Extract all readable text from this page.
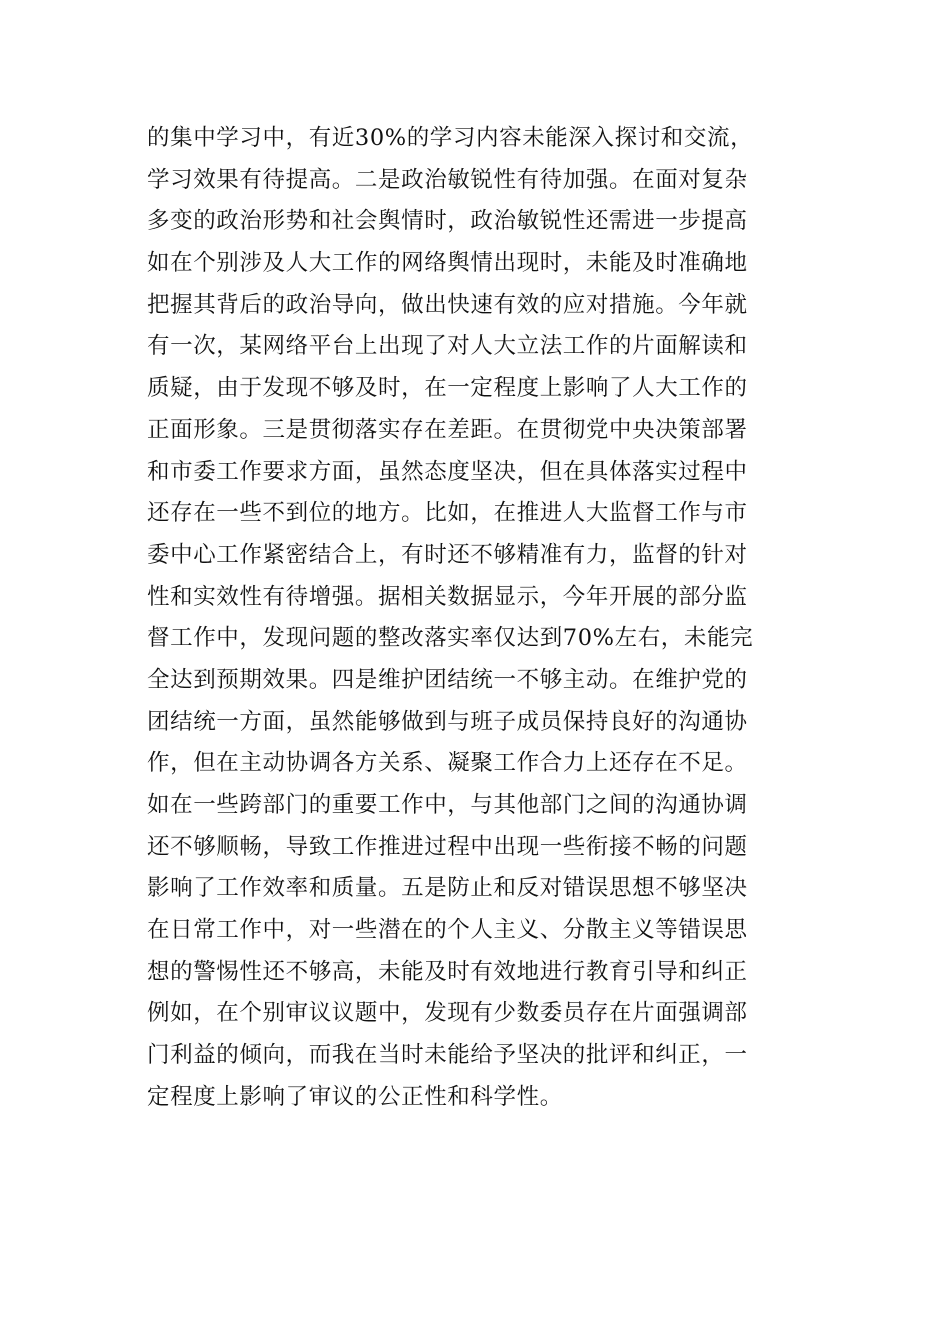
的集中学习中，有近30%的学习内容未能深入探讨和交流，
学习效果有待提高。二是政治敏锐性有待加强。在面对复杂
多变的政治形势和社会舆情时，政治敏锐性还需进一步提高
如在个别涉及人大工作的网络舆情出现时，未能及时准确地
把握其背后的政治导向，做出快速有效的应对措施。今年就
有一次，某网络平台上出现了对人大立法工作的片面解读和
质疑，由于发现不够及时，在一定程度上影响了人大工作的
正面形象。三是贯彻落实存在差距。在贯彻党中央决策部署
和市委工作要求方面，虽然态度坚决，但在具体落实过程中
还存在一些不到位的地方。比如，在推进人大监督工作与市
委中心工作紧密结合上，有时还不够精准有力，监督的针对
性和实效性有待增强。据相关数据显示，今年开展的部分监
督工作中，发现问题的整改落实率仅达到70%左右，未能完
全达到预期效果。四是维护团结统一不够主动。在维护党的
团结统一方面，虽然能够做到与班子成员保持良好的沟通协
作，但在主动协调各方关系、凝聚工作合力上还存在不足。
如在一些跨部门的重要工作中，与其他部门之间的沟通协调
还不够顺畅，导致工作推进过程中出现一些衔接不畅的问题
影响了工作效率和质量。五是防止和反对错误思想不够坚决
在日常工作中，对一些潜在的个人主义、分散主义等错误思
想的警惕性还不够高，未能及时有效地进行教育引导和纠正
例如，在个别审议议题中，发现有少数委员存在片面强调部
门利益的倾向，而我在当时未能给予坚决的批评和纠正，一
定程度上影响了审议的公正性和科学性。
